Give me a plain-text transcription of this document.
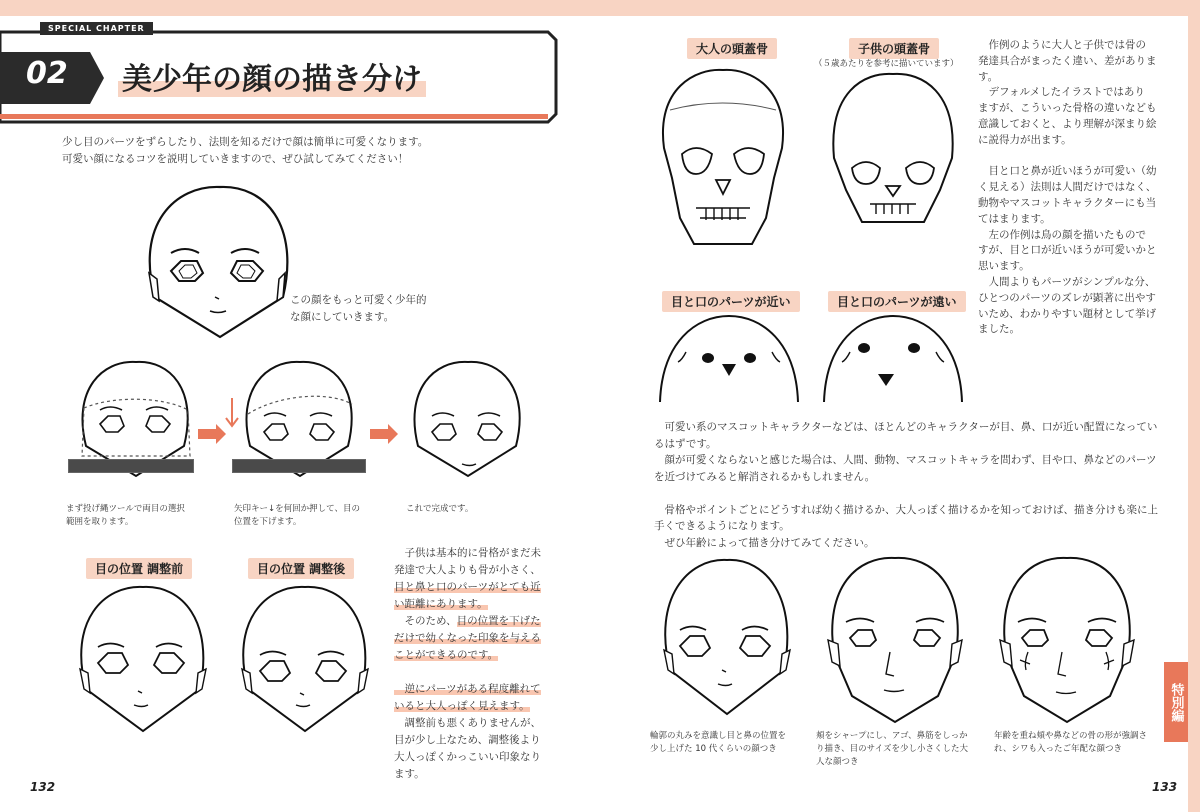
SPECIAL CHAPTER
02 美少年の顔の描き分け
少し目のパーツをずらしたり、法則を知るだけで顔は簡単に可愛くなります。
可愛い顔になるコツを説明していきますので、ぜひ試してみてください！
この顔をもっと可愛く少年的
な顔にしていきます。
まず投げ縄ツールで両目の選択
範囲を取ります。
矢印キー↓を何回か押して、目の
位置を下げます。
これで完成です。
目の位置 調整前	目の位置 調整後
　子供は基本的に骨格がまだ未
発達で大人よりも骨が小さく、
目と鼻と口のパーツがとても近
い距離にあります。
　そのため、目の位置を下げた
だけで幼くなった印象を与える
ことができるのです。
　逆にパーツがある程度離れて
いると大人っぽく見えます。
　調整前も悪くありませんが、
目が少し上なため、調整後より
大人っぽくかっこいい印象なり
ます。
132
大人の頭蓋骨	子供の頭蓋骨
（５歳あたりを参考に描いています）
　作例のように大人と子供では骨の
発達具合がまったく違い、差がありま
す。
　デフォルメしたイラストではあり
ますが、こういった骨格の違いなども
意識しておくと、より理解が深まり絵
に説得力が出ます。
　目と口と鼻が近いほうが可愛い（幼
く見える）法則は人間だけではなく、
動物やマスコットキャラクターにも当
てはまります。
　左の作例は鳥の顔を描いたもので
すが、目と口が近いほうが可愛いかと
思います。
　人間よりもパーツがシンプルな分、
ひとつのパーツのズレが顕著に出やす
いため、わかりやすい題材として挙げ
ました。
目と口のパーツが近い	目と口のパーツが遠い
　可愛い系のマスコットキャラクターなどは、ほとんどのキャラクターが目、鼻、口が近い配置になってい
るはずです。
　顔が可愛くならないと感じた場合は、人間、動物、マスコットキャラを問わず、目や口、鼻などのパーツ
を近づけてみると解消されるかもしれません。
　骨格やポイントごとにどうすれば幼く描けるか、大人っぽく描けるかを知っておけば、描き分けも楽に上
手くできるようになります。
　ぜひ年齢によって描き分けてみてください。
輪郭の丸みを意識し目と鼻の位置を
少し上げた 10 代くらいの顔つき
頬をシャープにし、アゴ、鼻筋をしっか
り描き、目のサイズを少し小さくした大
人な顔つき
年齢を重ね頬や鼻などの骨の形が強調さ
れ、シワも入ったご年配な顔つき
特別編
133
